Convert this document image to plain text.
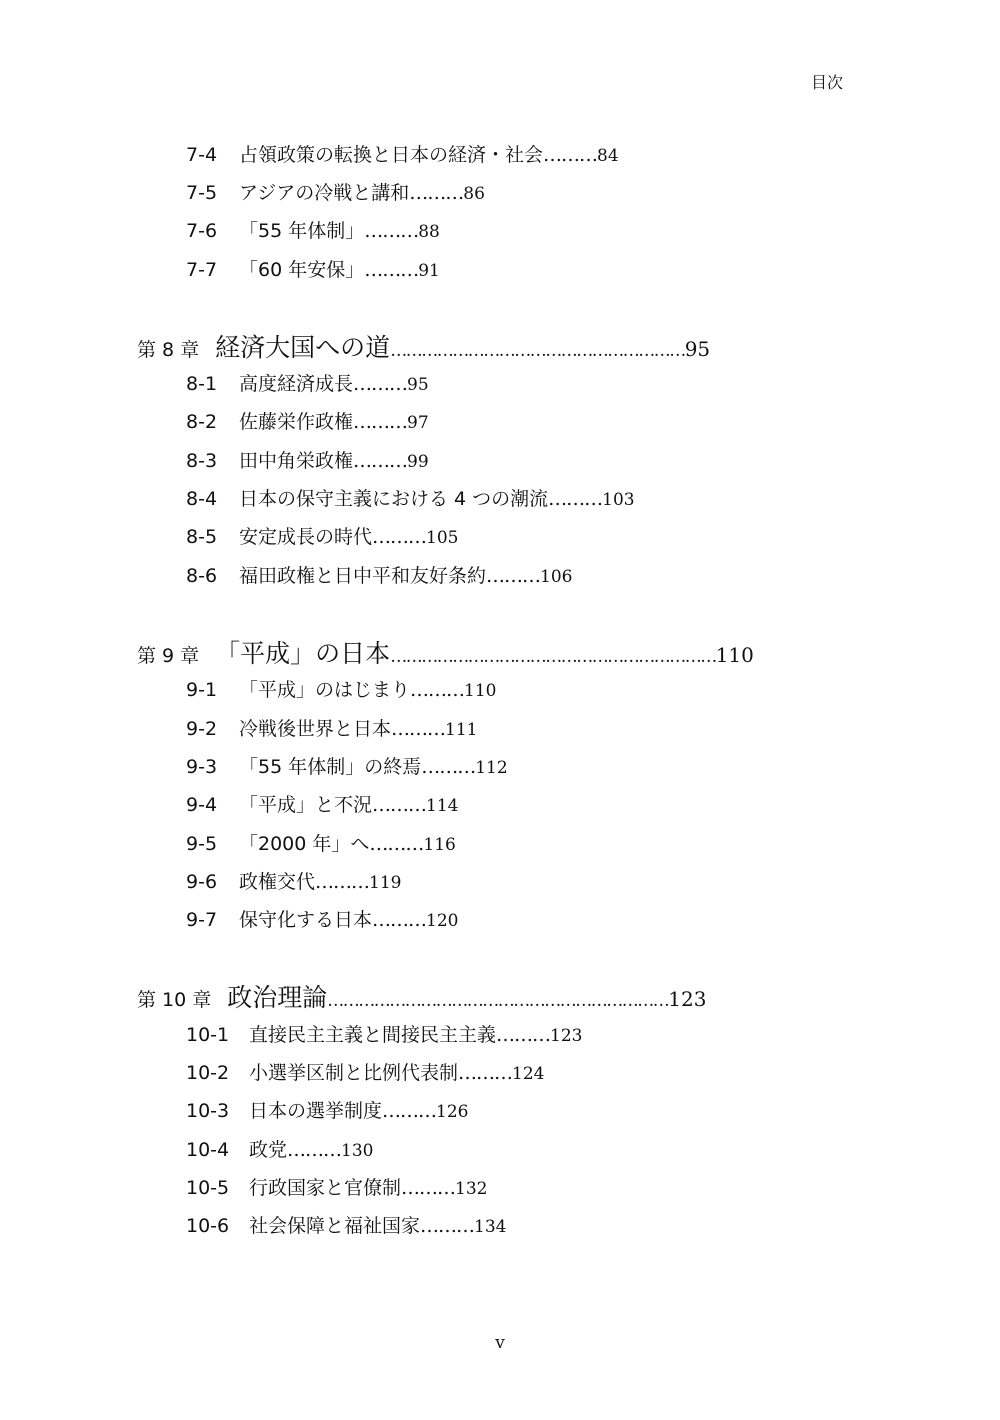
目次
7-4 占領政策の転換と日本の経済・社会………84
7-5 アジアの冷戦と講和………86
7-6 「55 年体制」………88
7-7 「60 年安保」………91
第 8 章 経済大国への道…………………………………………………95
8-1 高度経済成長………95
8-2 佐藤栄作政権………97
8-3 田中角栄政権………99
8-4 日本の保守主義における 4 つの潮流………103
8-5 安定成長の時代………105
8-6 福田政権と日中平和友好条約………106
第 9 章 「平成」の日本………………………………………………………110
9-1 「平成」のはじまり………110
9-2 冷戦後世界と日本………111
9-3 「55 年体制」の終焉………112
9-4 「平成」と不況………114
9-5 「2000 年」へ………116
9-6 政権交代………119
9-7 保守化する日本………120
第 10 章 政治理論…………………………………………………………123
10-1 直接民主主義と間接民主主義………123
10-2 小選挙区制と比例代表制………124
10-3 日本の選挙制度………126
10-4 政党………130
10-5 行政国家と官僚制………132
10-6 社会保障と福祉国家………134
v
